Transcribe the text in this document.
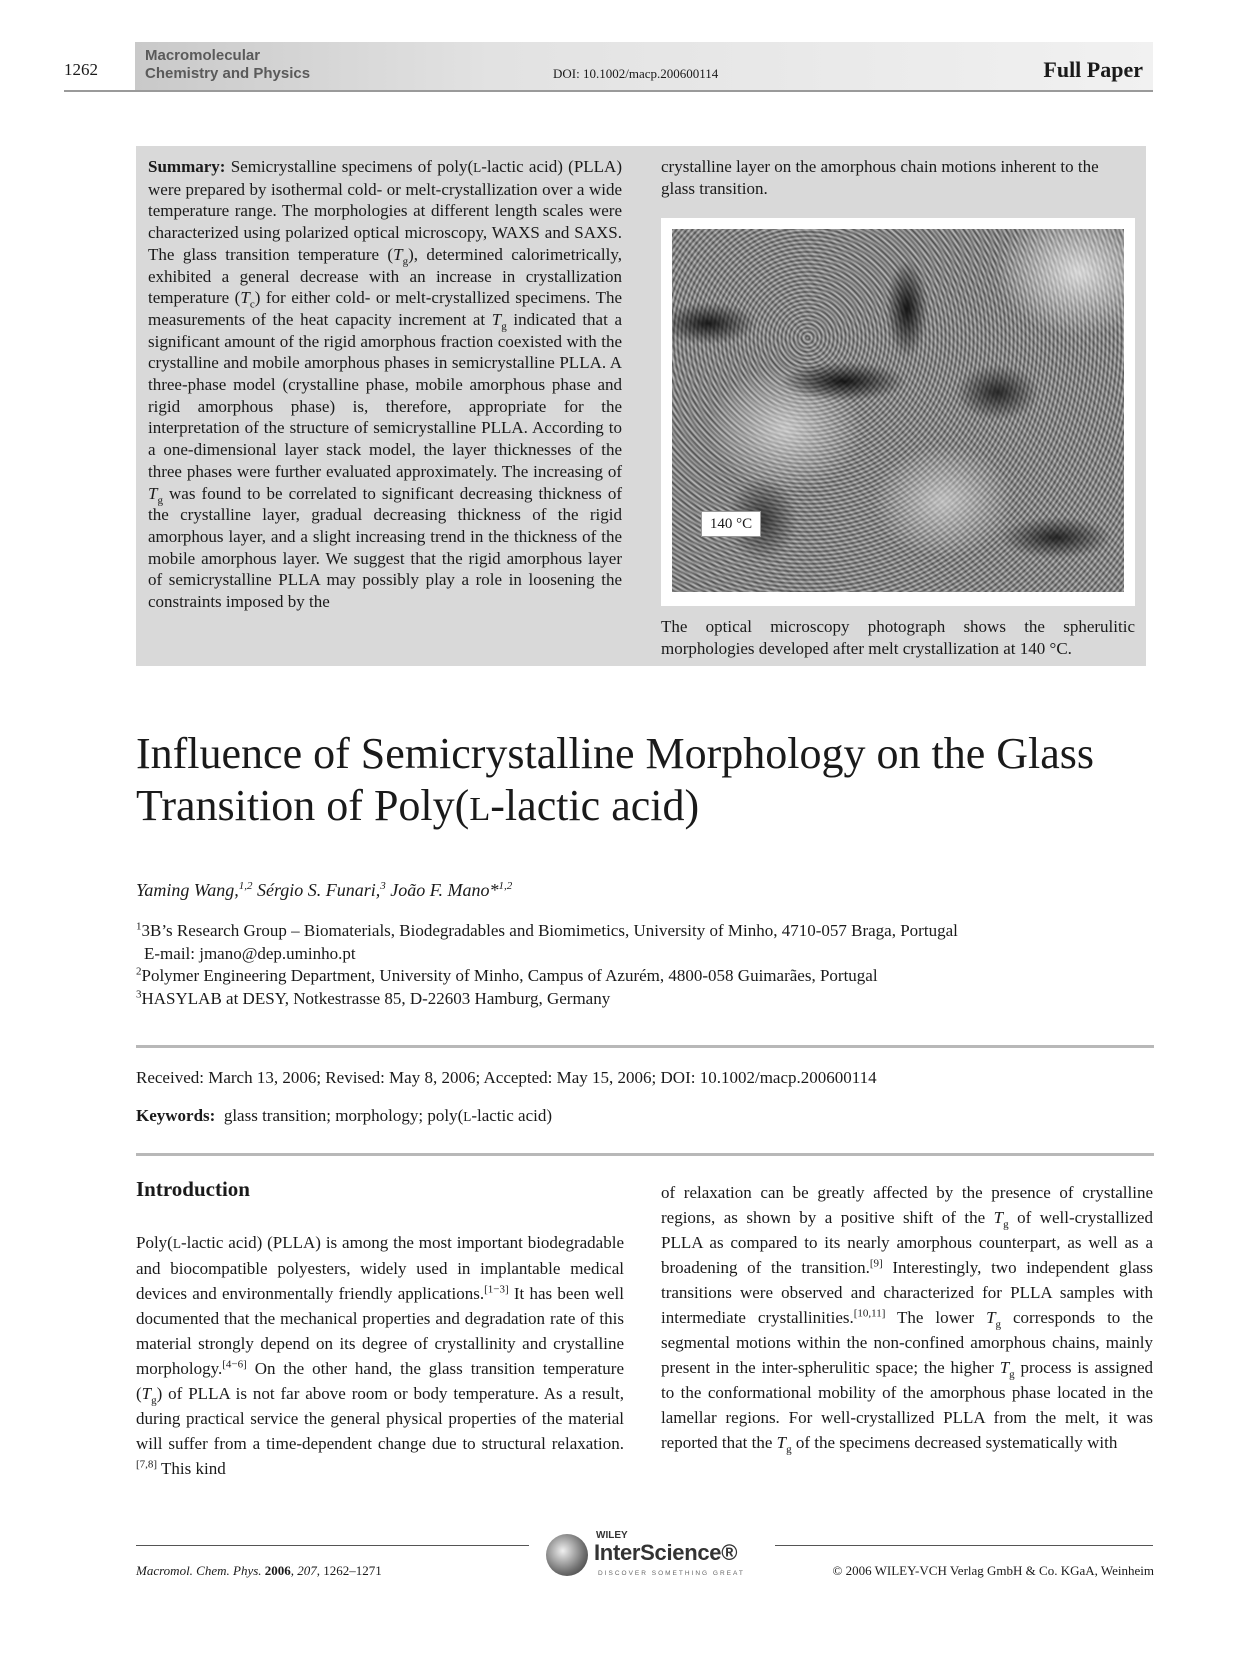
1262
Macromolecular
Chemistry and Physics	DOI: 10.1002/macp.200600114	Full Paper
Summary: Semicrystalline specimens of poly(L-lactic acid) (PLLA) were prepared by isothermal cold- or melt-crystallization over a wide temperature range. The morphologies at different length scales were characterized using polarized optical microscopy, WAXS and SAXS. The glass transition temperature $(T_g)$, determined calorimetrically, exhibited a general decrease with an increase in crystallization temperature $(T_c)$ for either cold- or melt-crystallized specimens. The measurements of the heat capacity increment at $T_g$ indicated that a significant amount of the rigid amorphous fraction coexisted with the crystalline and mobile amorphous phases in semicrystalline PLLA. A three-phase model (crystalline phase, mobile amorphous phase and rigid amorphous phase) is, therefore, appropriate for the interpretation of the structure of semicrystalline PLLA. According to a one-dimensional layer stack model, the layer thicknesses of the three phases were further evaluated approximately. The increasing of $T_g$ was found to be correlated to significant decreasing thickness of the crystalline layer, gradual decreasing thickness of the rigid amorphous layer, and a slight increasing trend in the thickness of the mobile amorphous layer. We suggest that the rigid amorphous layer of semicrystalline PLLA may possibly play a role in loosening the constraints imposed by the
crystalline layer on the amorphous chain motions inherent to the glass transition.
140 °C
The optical microscopy photograph shows the spherulitic morphologies developed after melt crystallization at 140 °C.
Influence of Semicrystalline Morphology on the Glass
Transition of Poly(L-lactic acid)
Yaming Wang,$^{1,2}$ Sérgio S. Funari,$^3$ João F. Mano*$^{1,2}$
$^1$3B’s Research Group – Biomaterials, Biodegradables and Biomimetics, University of Minho, 4710-057 Braga, Portugal
E-mail: jmano@dep.uminho.pt
$^2$Polymer Engineering Department, University of Minho, Campus of Azurém, 4800-058 Guimarães, Portugal
$^3$HASYLAB at DESY, Notkestrasse 85, D-22603 Hamburg, Germany
Received: March 13, 2006; Revised: May 8, 2006; Accepted: May 15, 2006; DOI: 10.1002/macp.200600114
Keywords: glass transition; morphology; poly(L-lactic acid)
Introduction
Poly(L-lactic acid) (PLLA) is among the most important biodegradable and biocompatible polyesters, widely used in implantable medical devices and environmentally friendly applications.[1−3] It has been well documented that the mechanical properties and degradation rate of this material strongly depend on its degree of crystallinity and crystalline morphology.[4−6] On the other hand, the glass transition temperature $(T_g)$ of PLLA is not far above room or body temperature. As a result, during practical service the general physical properties of the material will suffer from a time-dependent change due to structural relaxation.[7,8] This kind
of relaxation can be greatly affected by the presence of crystalline regions, as shown by a positive shift of the $T_g$ of well-crystallized PLLA as compared to its nearly amorphous counterpart, as well as a broadening of the transition.[9] Interestingly, two independent glass transitions were observed and characterized for PLLA samples with intermediate crystallinities.[10,11] The lower $T_g$ corresponds to the segmental motions within the non-confined amorphous chains, mainly present in the inter-spherulitic space; the higher $T_g$ process is assigned to the conformational mobility of the amorphous phase located in the lamellar regions. For well-crystallized PLLA from the melt, it was reported that the $T_g$ of the specimens decreased systematically with
Macromol. Chem. Phys. 2006, 207, 1262–1271
WILEY
InterScience®
DISCOVER SOMETHING GREAT	© 2006 WILEY-VCH Verlag GmbH & Co. KGaA, Weinheim
